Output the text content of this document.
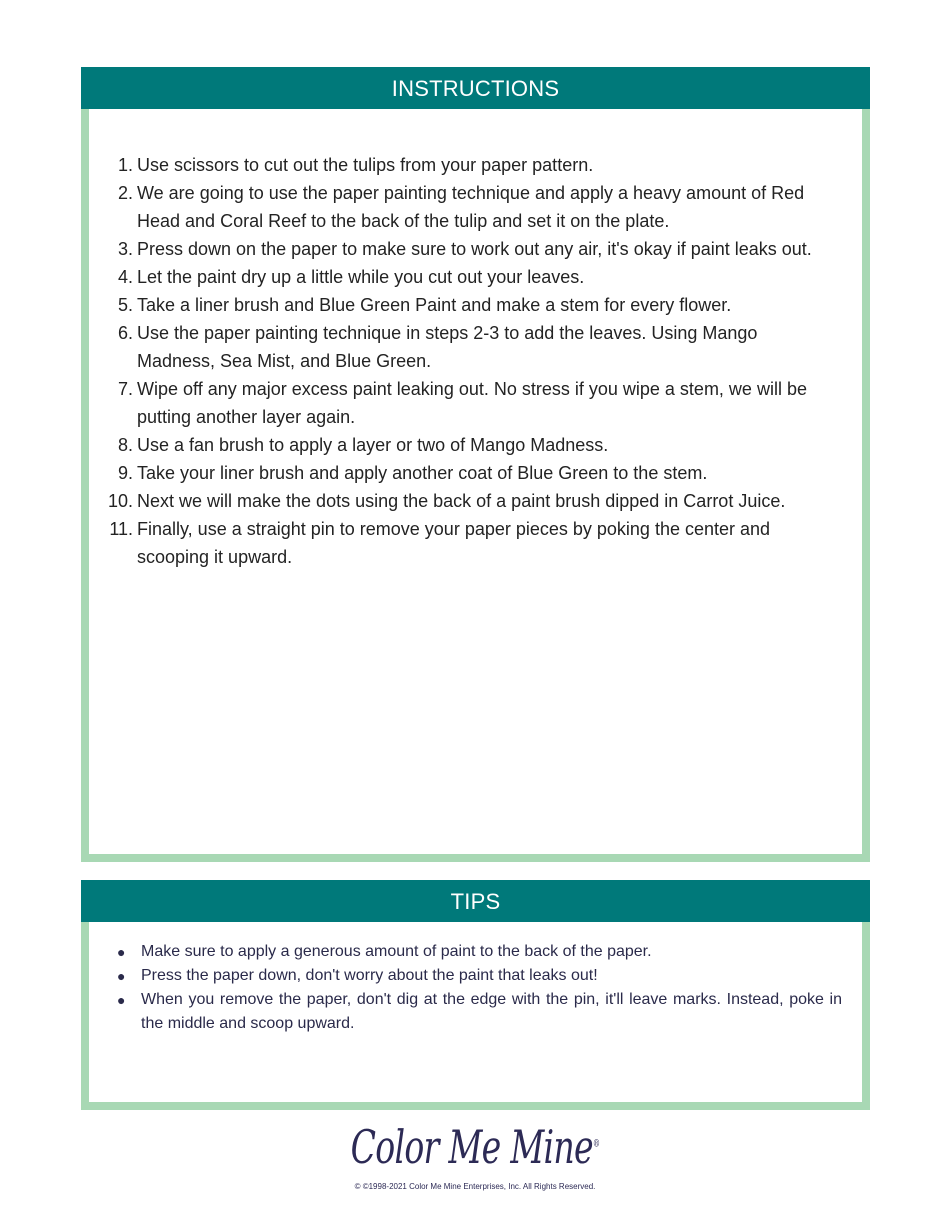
INSTRUCTIONS
1. Use scissors to cut out the tulips from your paper pattern.
2. We are going to use the paper painting technique and apply a heavy amount of Red Head and Coral Reef to the back of the tulip and set it on the plate.
3. Press down on the paper to make sure to work out any air, it's okay if paint leaks out.
4. Let the paint dry up a little while you cut out your leaves.
5. Take a liner brush and Blue Green Paint and make a stem for every flower.
6. Use the paper painting technique in steps 2-3 to add the leaves. Using Mango Madness, Sea Mist, and Blue Green.
7. Wipe off any major excess paint leaking out. No stress if you wipe a stem, we will be putting another layer again.
8. Use a fan brush to apply a layer or two of Mango Madness.
9. Take your liner brush and apply another coat of Blue Green to the stem.
10. Next we will make the dots using the back of a paint brush dipped in Carrot Juice.
11. Finally, use a straight pin to remove your paper pieces by poking the center and scooping it upward.
TIPS
● Make sure to apply a generous amount of paint to the back of the paper.
● Press the paper down, don't worry about the paint that leaks out!
● When you remove the paper, don't dig at the edge with the pin, it'll leave marks. Instead, poke in the middle and scoop upward.
Color Me Mine®
© ©1998-2021 Color Me Mine Enterprises, Inc. All Rights Reserved.
